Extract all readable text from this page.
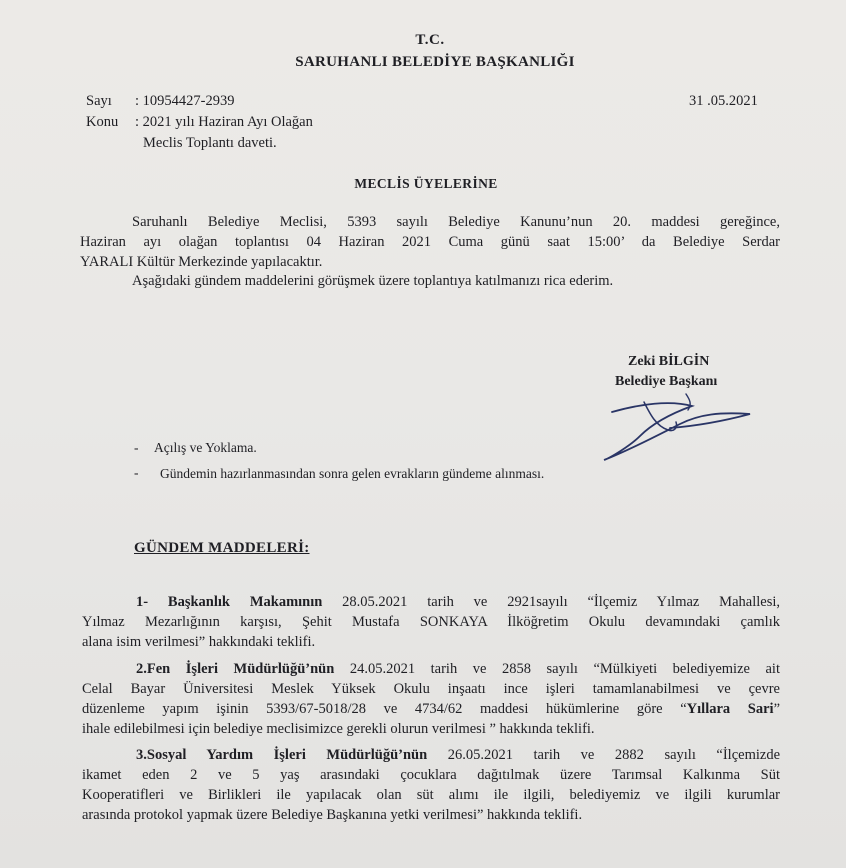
T.C.
SARUHANLI BELEDİYE BAŞKANLIĞI
Sayı : 10954427-2939
Konu : 2021 yılı Haziran Ayı Olağan
Meclis Toplantı daveti.
31 .05.2021
MECLİS ÜYELERİNE
Saruhanlı Belediye Meclisi, 5393 sayılı Belediye Kanunu’nun 20. maddesi gereğince,
Haziran ayı olağan toplantısı 04 Haziran 2021 Cuma günü saat 15:00’ da Belediye Serdar
YARALI Kültür Merkezinde yapılacaktır.
Aşağıdaki gündem maddelerini görüşmek üzere toplantıya katılmanızı rica ederim.
Zeki BİLGİN
Belediye Başkanı
- Açılış ve Yoklama.
- Gündemin hazırlanmasından sonra gelen evrakların gündeme alınması.
GÜNDEM MADDELERİ:
1- Başkanlık Makamının 28.05.2021 tarih ve 2921sayılı “İlçemiz Yılmaz Mahallesi,
Yılmaz Mezarlığının karşısı, Şehit Mustafa SONKAYA İlköğretim Okulu devamındaki çamlık
alana isim verilmesi” hakkındaki teklifi.
2.Fen İşleri Müdürlüğü’nün 24.05.2021 tarih ve 2858 sayılı “Mülkiyeti belediyemize ait
Celal Bayar Üniversitesi Meslek Yüksek Okulu inşaatı ince işleri tamamlanabilmesi ve çevre
düzenleme yapım işinin 5393/67-5018/28 ve 4734/62 maddesi hükümlerine göre “Yıllara Sari”
ihale edilebilmesi için belediye meclisimizce gerekli olurun verilmesi ” hakkında teklifi.
3.Sosyal Yardım İşleri Müdürlüğü’nün 26.05.2021 tarih ve 2882 sayılı “İlçemizde
ikamet eden 2 ve 5 yaş arasındaki çocuklara dağıtılmak üzere Tarımsal Kalkınma Süt
Kooperatifleri ve Birlikleri ile yapılacak olan süt alımı ile ilgili, belediyemiz ve ilgili kurumlar
arasında protokol yapmak üzere Belediye Başkanına yetki verilmesi” hakkında teklifi.
